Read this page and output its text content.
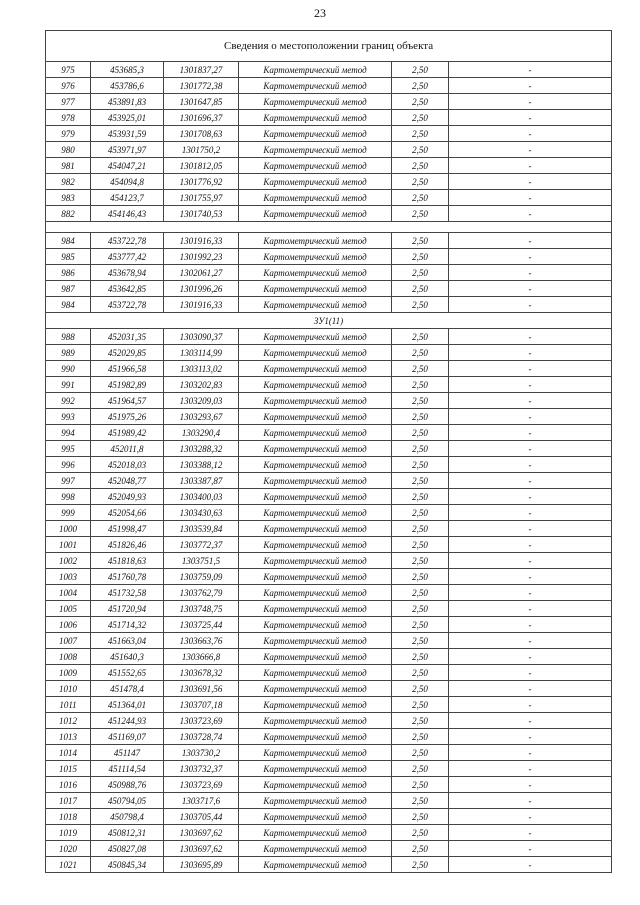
23
Сведения о местоположении границ объекта					
975	453685,3	1301837,27	Картометрический метод	2,50	-
976	453786,6	1301772,38	Картометрический метод	2,50	-
977	453891,83	1301647,85	Картометрический метод	2,50	-
978	453925,01	1301696,37	Картометрический метод	2,50	-
979	453931,59	1301708,63	Картометрический метод	2,50	-
980	453971,97	1301750,2	Картометрический метод	2,50	-
981	454047,21	1301812,05	Картометрический метод	2,50	-
982	454094,8	1301776,92	Картометрический метод	2,50	-
983	454123,7	1301755,97	Картометрический метод	2,50	-
882	454146,43	1301740,53	Картометрический метод	2,50	-

984	453722,78	1301916,33	Картометрический метод	2,50	-
985	453777,42	1301992,23	Картометрический метод	2,50	-
986	453678,94	1302061,27	Картометрический метод	2,50	-
987	453642,85	1301996,26	Картометрический метод	2,50	-
984	453722,78	1301916,33	Картометрический метод	2,50	-
ЗУ1(11)					
988	452031,35	1303090,37	Картометрический метод	2,50	-
989	452029,85	1303114,99	Картометрический метод	2,50	-
990	451966,58	1303113,02	Картометрический метод	2,50	-
991	451982,89	1303202,83	Картометрический метод	2,50	-
992	451964,57	1303209,03	Картометрический метод	2,50	-
993	451975,26	1303293,67	Картометрический метод	2,50	-
994	451989,42	1303290,4	Картометрический метод	2,50	-
995	452011,8	1303288,32	Картометрический метод	2,50	-
996	452018,03	1303388,12	Картометрический метод	2,50	-
997	452048,77	1303387,87	Картометрический метод	2,50	-
998	452049,93	1303400,03	Картометрический метод	2,50	-
999	452054,66	1303430,63	Картометрический метод	2,50	-
1000	451998,47	1303539,84	Картометрический метод	2,50	-
1001	451826,46	1303772,37	Картометрический метод	2,50	-
1002	451818,63	1303751,5	Картометрический метод	2,50	-
1003	451760,78	1303759,09	Картометрический метод	2,50	-
1004	451732,58	1303762,79	Картометрический метод	2,50	-
1005	451720,94	1303748,75	Картометрический метод	2,50	-
1006	451714,32	1303725,44	Картометрический метод	2,50	-
1007	451663,04	1303663,76	Картометрический метод	2,50	-
1008	451640,3	1303666,8	Картометрический метод	2,50	-
1009	451552,65	1303678,32	Картометрический метод	2,50	-
1010	451478,4	1303691,56	Картометрический метод	2,50	-
1011	451364,01	1303707,18	Картометрический метод	2,50	-
1012	451244,93	1303723,69	Картометрический метод	2,50	-
1013	451169,07	1303728,74	Картометрический метод	2,50	-
1014	451147	1303730,2	Картометрический метод	2,50	-
1015	451114,54	1303732,37	Картометрический метод	2,50	-
1016	450988,76	1303723,69	Картометрический метод	2,50	-
1017	450794,05	1303717,6	Картометрический метод	2,50	-
1018	450798,4	1303705,44	Картометрический метод	2,50	-
1019	450812,31	1303697,62	Картометрический метод	2,50	-
1020	450827,08	1303697,62	Картометрический метод	2,50	-
1021	450845,34	1303695,89	Картометрический метод	2,50	-
